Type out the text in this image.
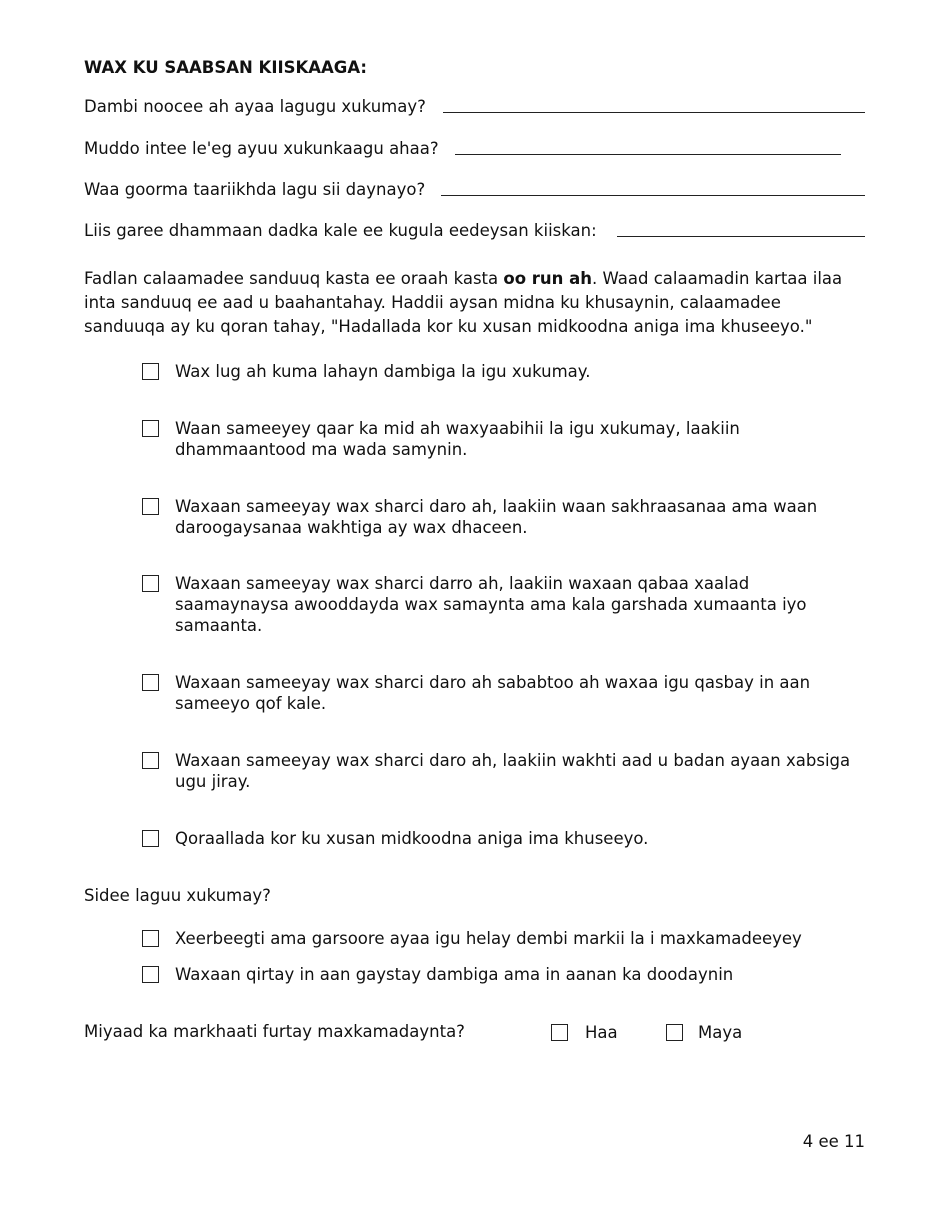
WAX KU SAABSAN KIISKAAGA:
Dambi noocee ah ayaa lagugu xukumay?
Muddo intee le'eg ayuu xukunkaagu ahaa?
Waa goorma taariikhda lagu sii daynayo?
Liis garee dhammaan dadka kale ee kugula eedeysan kiiskan:
Fadlan calaamadee sanduuq kasta ee oraah kasta oo run ah. Waad calaamadin kartaa ilaa inta sanduuq ee aad u baahantahay. Haddii aysan midna ku khusaynin, calaamadee sanduuqa ay ku qoran tahay, "Hadallada kor ku xusan midkoodna aniga ima khuseeyo."
Wax lug ah kuma lahayn dambiga la igu xukumay.
Waan sameeyey qaar ka mid ah waxyaabihii la igu xukumay, laakiin dhammaantood ma wada samynin.
Waxaan sameeyay wax sharci daro ah, laakiin waan sakhraasanaa ama waan daroogaysanaa wakhtiga ay wax dhaceen.
Waxaan sameeyay wax sharci darro ah, laakiin waxaan qabaa xaalad saamaynaysa awooddayda wax samaynta ama kala garshada xumaanta iyo samaanta.
Waxaan sameeyay wax sharci daro ah sababtoo ah waxaa igu qasbay in aan sameeyo qof kale.
Waxaan sameeyay wax sharci daro ah, laakiin wakhti aad u badan ayaan xabsiga ugu jiray.
Qoraallada kor ku xusan midkoodna aniga ima khuseeyo.
Sidee laguu xukumay?
Xeerbeegti ama garsoore ayaa igu helay dembi markii la i maxkamadeeyey
Waxaan qirtay in aan gaystay dambiga ama in aanan ka doodaynin
Miyaad ka markhaati furtay maxkamadaynta?	Haa	Maya
4 ee 11
